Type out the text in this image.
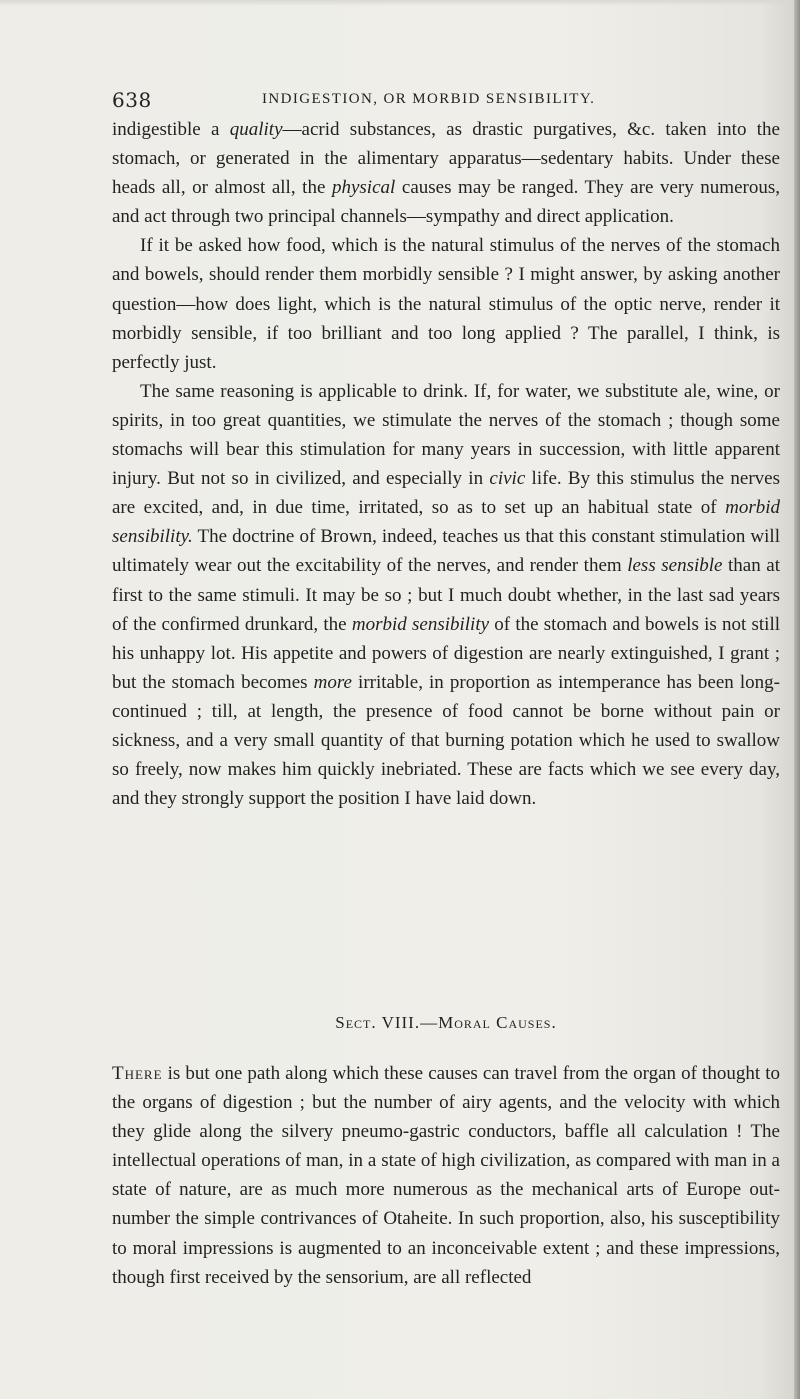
638	INDIGESTION, OR MORBID SENSIBILITY.

indigestible a quality—acrid substances, as drastic purgatives, &c. taken into the stomach, or generated in the alimentary apparatus—sedentary habits. Under these heads all, or almost all, the physical causes may be ranged. They are very numerous, and act through two principal channels—sympathy and direct application.

If it be asked how food, which is the natural stimulus of the nerves of the stomach and bowels, should render them morbidly sensible ? I might answer, by asking another question—how does light, which is the natural stimulus of the optic nerve, render it morbidly sensible, if too brilliant and too long applied ? The parallel, I think, is perfectly just.

The same reasoning is applicable to drink. If, for water, we substitute ale, wine, or spirits, in too great quantities, we stimulate the nerves of the stomach ; though some stomachs will bear this stimulation for many years in succession, with little apparent injury. But not so in civilized, and especially in civic life. By this stimulus the nerves are excited, and, in due time, irritated, so as to set up an habitual state of morbid sensibility. The doctrine of Brown, indeed, teaches us that this constant stimulation will ultimately wear out the excitability of the nerves, and render them less sensible than at first to the same stimuli. It may be so ; but I much doubt whether, in the last sad years of the confirmed drunkard, the morbid sensibility of the stomach and bowels is not still his unhappy lot. His appetite and powers of digestion are nearly extinguished, I grant ; but the stomach becomes more irritable, in proportion as intemperance has been long-continued ; till, at length, the presence of food cannot be borne without pain or sickness, and a very small quantity of that burning potation which he used to swallow so freely, now makes him quickly inebriated. These are facts which we see every day, and they strongly support the position I have laid down.

Sect. VIII.—Moral Causes.

There is but one path along which these causes can travel from the organ of thought to the organs of digestion ; but the number of airy agents, and the velocity with which they glide along the silvery pneumo-gastric conductors, baffle all calculation ! The intellectual operations of man, in a state of high civilization, as compared with man in a state of nature, are as much more numerous as the mechanical arts of Europe out-number the simple contrivances of Otaheite. In such proportion, also, his susceptibility to moral impressions is augmented to an inconceivable extent ; and these impressions, though first received by the sensorium, are all reflected
